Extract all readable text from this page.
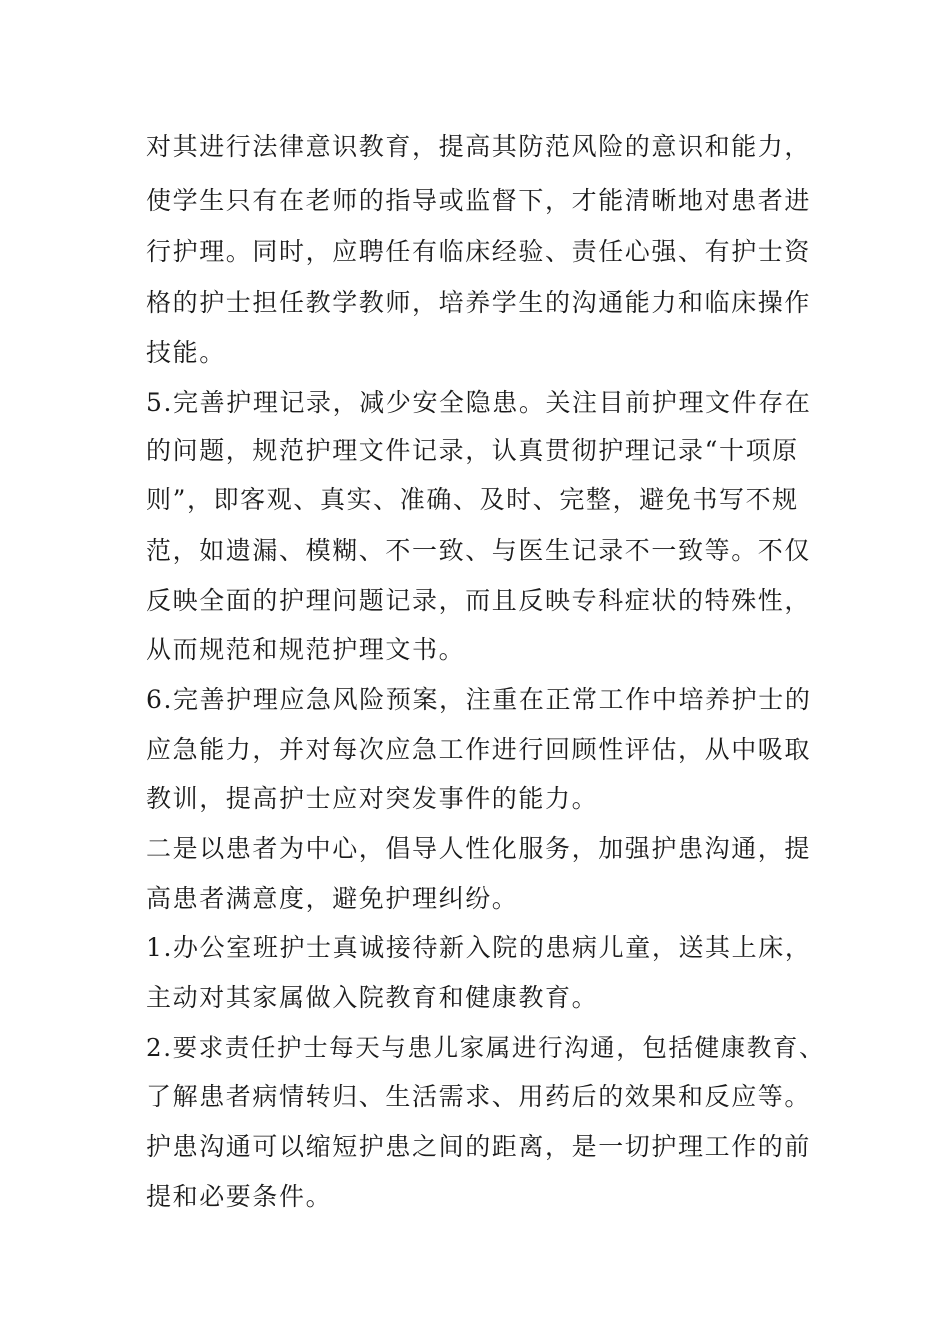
对其进行法律意识教育，提高其防范风险的意识和能力，
使学生只有在老师的指导或监督下，才能清晰地对患者进
行护理。同时，应聘任有临床经验、责任心强、有护士资
格的护士担任教学教师，培养学生的沟通能力和临床操作
技能。
5.完善护理记录，减少安全隐患。关注目前护理文件存在
的问题，规范护理文件记录，认真贯彻护理记录“十项原
则”，即客观、真实、准确、及时、完整，避免书写不规
范，如遗漏、模糊、不一致、与医生记录不一致等。不仅
反映全面的护理问题记录，而且反映专科症状的特殊性，
从而规范和规范护理文书。
6.完善护理应急风险预案，注重在正常工作中培养护士的
应急能力，并对每次应急工作进行回顾性评估，从中吸取
教训，提高护士应对突发事件的能力。
二是以患者为中心，倡导人性化服务，加强护患沟通，提
高患者满意度，避免护理纠纷。
1.办公室班护士真诚接待新入院的患病儿童，送其上床，
主动对其家属做入院教育和健康教育。
2.要求责任护士每天与患儿家属进行沟通，包括健康教育、
了解患者病情转归、生活需求、用药后的效果和反应等。
护患沟通可以缩短护患之间的距离，是一切护理工作的前
提和必要条件。
